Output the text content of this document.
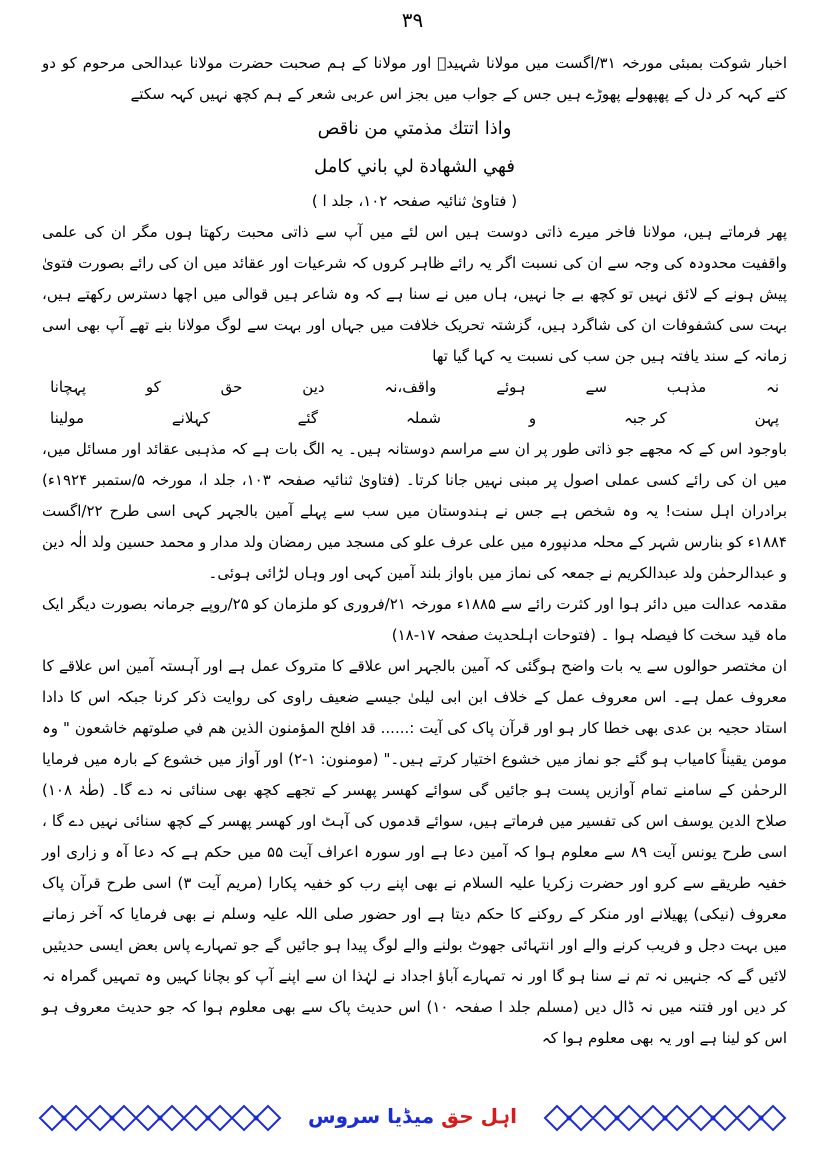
۳۹

اخبار شوکت بمبئی مورخہ ۳۱/اگست میں مولانا شہیدؒ اور مولانا کے ہم صحبت حضرت مولانا عبدالحی مرحوم کو دو کتے کہہ کر دل کے پھپھولے پھوڑے ہیں جس کے جواب میں بجز اس عربی شعر کے ہم کچھ نہیں کہہ سکتے

واذا اتتك مذمتي من ناقص
فهي الشهادة لي باني كامل

( فتاویٰ ثنائیہ صفحہ ۱۰۲، جلد ا )

پھر فرماتے ہیں، مولانا فاخر میرے ذاتی دوست ہیں اس لئے میں آپ سے ذاتی محبت رکھتا ہوں مگر ان کی علمی واقفیت محدودہ کی وجہ سے ان کی نسبت اگر یہ رائے ظاہر کروں کہ شرعیات اور عقائد میں ان کی رائے بصورت فتویٰ پیش ہونے کے لائق نہیں تو کچھ بے جا نہیں، ہاں میں نے سنا ہے کہ وہ شاعر ہیں قوالی میں اچھا دسترس رکھتے ہیں، بہت سی کشفوفات ان کی شاگرد ہیں، گزشتہ تحریک خلافت میں جہاں اور بہت سے لوگ مولانا بنے تھے آپ بھی اسی زمانہ کے سند یافتہ ہیں جن سب کی نسبت یہ کہا گیا تھا

نہ
مذہب
سے
ہوئے
واقف،نہ
دین
حق
کو
پہچانا
پہن
کر جبہ
و
شملہ
گئے
کہلانے
مولینا

باوجود اس کے کہ مجھے جو ذاتی طور پر ان سے مراسم دوستانہ ہیں۔ یہ الگ بات ہے کہ مذہبی عقائد اور مسائل میں، میں ان کی رائے کسی عملی اصول پر مبنی نہیں جانا کرتا۔ (فتاویٰ ثنائیہ صفحہ ۱۰۳، جلد ا، مورخہ ۵/ستمبر ۱۹۲۴ء) برادران اہل سنت! یہ وہ شخص ہے جس نے ہندوستان میں سب سے پہلے آمین بالجہر کہی اسی طرح ۲۲/اگست ۱۸۸۴ء کو بنارس شہر کے محلہ مدنپورہ میں علی عرف علو کی مسجد میں رمضان ولد مدار و محمد حسین ولد الٰہ دین و عبدالرحمٰن ولد عبدالکریم نے جمعہ کی نماز میں باواز بلند آمین کہی اور وہاں لڑائی ہوئی۔

مقدمہ عدالت میں دائر ہوا اور کثرت رائے سے ۱۸۸۵ء مورخہ ۲۱/فروری کو ملزمان کو ۲۵/روپے جرمانہ بصورت دیگر ایک ماہ قید سخت کا فیصلہ ہوا ۔ (فتوحات اہلحدیث صفحہ ۱۷-۱۸)

ان مختصر حوالوں سے یہ بات واضح ہوگئی کہ آمین بالجہر اس علاقے کا متروک عمل ہے اور آہستہ آمین اس علاقے کا معروف عمل ہے۔ اس معروف عمل کے خلاف ابن ابی لیلیٰ جیسے ضعیف راوی کی روایت ذکر کرنا جبکہ اس کا دادا استاد حجیہ بن عدی بھی خطا کار ہو اور قرآن پاک کی آیت :...... قد افلح المؤمنون الذين هم في صلوتهم خاشعون " وہ مومن یقیناً کامیاب ہو گئے جو نماز میں خشوع اختیار کرتے ہیں۔" (مومنون: ۱-۲) اور آواز میں خشوع کے بارہ میں فرمایا الرحمٰن کے سامنے تمام آوازیں پست ہو جائیں گی سوائے کھسر پھسر کے تجھے کچھ بھی سنائی نہ دے گا۔ (طٰہٰ ۱۰۸) صلاح الدین یوسف اس کی تفسیر میں فرماتے ہیں، سوائے قدموں کی آہٹ اور کھسر پھسر کے کچھ سنائی نہیں دے گا ، اسی طرح یونس آیت ۸۹ سے معلوم ہوا کہ آمین دعا ہے اور سورہ اعراف آیت ۵۵ میں حکم ہے کہ دعا آہ و زاری اور خفیہ طریقے سے کرو اور حضرت زکریا علیہ السلام نے بھی اپنے رب کو خفیہ پکارا (مریم آیت ۳) اسی طرح قرآن پاک معروف (نیکی) پھیلانے اور منکر کے روکنے کا حکم دیتا ہے اور حضور صلی اللہ علیہ وسلم نے بھی فرمایا کہ آخر زمانے میں بہت دجل و فریب کرنے والے اور انتہائی جھوٹ بولنے والے لوگ پیدا ہو جائیں گے جو تمہارے پاس بعض ایسی حدیثیں لائیں گے کہ جنہیں نہ تم نے سنا ہو گا اور نہ تمہارے آباؤ اجداد نے لہٰذا ان سے اپنے آپ کو بچانا کہیں وہ تمہیں گمراہ نہ کر دیں اور فتنہ میں نہ ڈال دیں (مسلم جلد ا صفحہ ۱۰) اس حدیث پاک سے بھی معلوم ہوا کہ جو حدیث معروف ہو اس کو لینا ہے اور یہ بھی معلوم ہوا کہ

اہل حق میڈیا سروس
